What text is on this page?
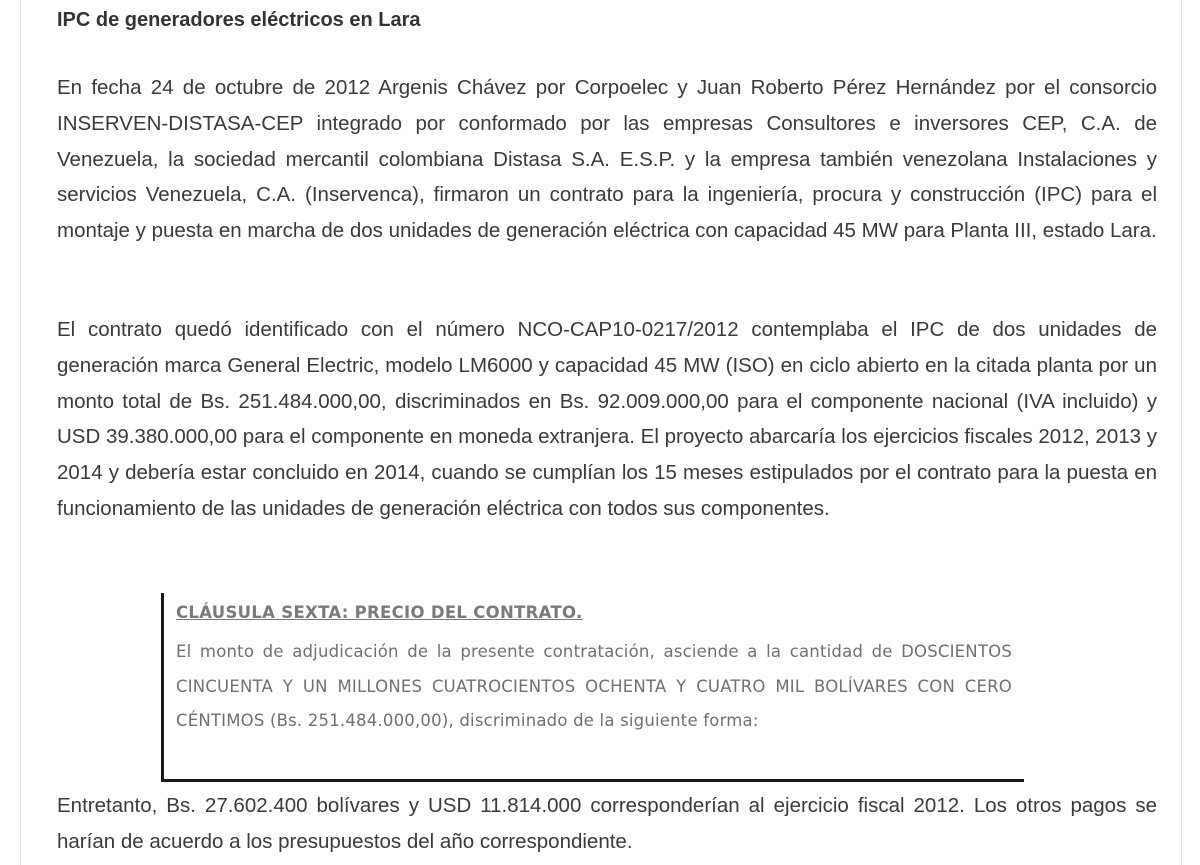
IPC de generadores eléctricos en Lara

En fecha 24 de octubre de 2012 Argenis Chávez por Corpoelec y Juan Roberto Pérez Hernández por el consorcio INSERVEN-DISTASA-CEP integrado por conformado por las empresas Consultores e inversores CEP, C.A. de Venezuela, la sociedad mercantil colombiana Distasa S.A. E.S.P. y la empresa también venezolana Instalaciones y servicios Venezuela, C.A. (Inservenca), firmaron un contrato para la ingeniería, procura y construcción (IPC) para el montaje y puesta en marcha de dos unidades de generación eléctrica con capacidad 45 MW para Planta III, estado Lara.

El contrato quedó identificado con el número NCO-CAP10-0217/2012 contemplaba el IPC de dos unidades de generación marca General Electric, modelo LM6000 y capacidad 45 MW (ISO) en ciclo abierto en la citada planta por un monto total de Bs. 251.484.000,00, discriminados en Bs. 92.009.000,00 para el componente nacional (IVA incluido) y USD 39.380.000,00 para el componente en moneda extranjera. El proyecto abarcaría los ejercicios fiscales 2012, 2013 y 2014 y debería estar concluido en 2014, cuando se cumplían los 15 meses estipulados por el contrato para la puesta en funcionamiento de las unidades de generación eléctrica con todos sus componentes.

Entretanto, Bs. 27.602.400 bolívares y USD 11.814.000 corresponderían al ejercicio fiscal 2012. Los otros pagos se harían de acuerdo a los presupuestos del año correspondiente.

CLÁUSULA SEXTA: PRECIO DEL CONTRATO.
El monto de adjudicación de la presente contratación, asciende a la cantidad de DOSCIENTOS CINCUENTA Y UN MILLONES CUATROCIENTOS OCHENTA Y CUATRO MIL BOLÍVARES CON CERO CÉNTIMOS (Bs. 251.484.000,00), discriminado de la siguiente forma:
